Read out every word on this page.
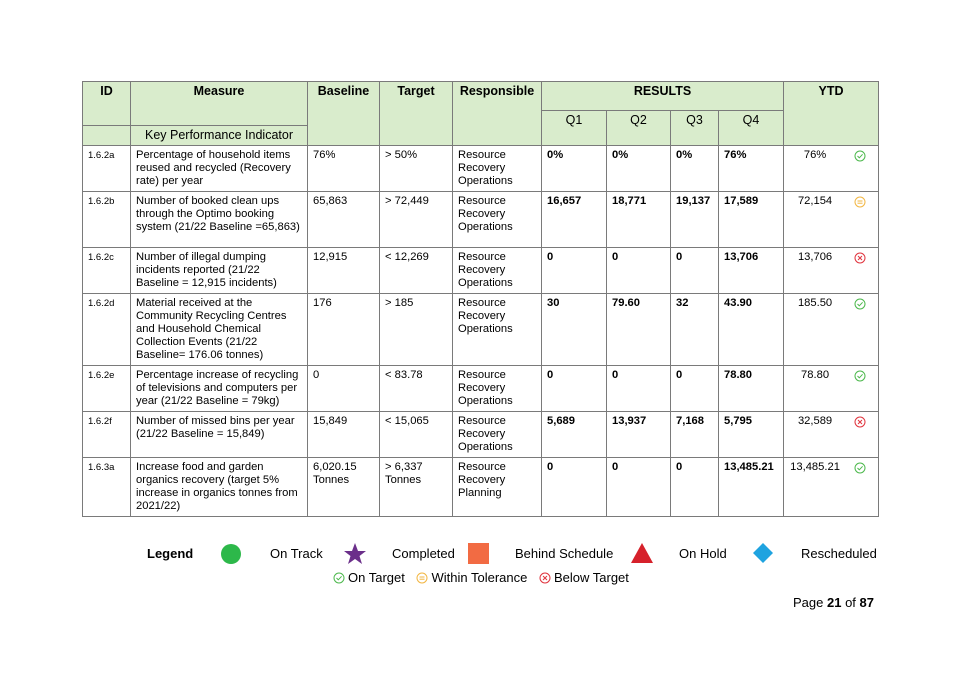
ID	Measure	Baseline	Target	Responsible	RESULTS				YTD
					Q1	Q2	Q3	Q4	
	Key Performance Indicator								
1.6.2a	Percentage of household items reused and recycled (Recovery rate) per year	76%	> 50%	Resource Recovery Operations	0%	0%	0%	76%	76%

1.6.2b	Number of booked clean ups through the Optimo booking system (21/22 Baseline =65,863)	65,863	> 72,449	Resource Recovery Operations	16,657	18,771	19,137	17,589	72,154

1.6.2c	Number of illegal dumping incidents reported (21/22 Baseline = 12,915 incidents)	12,915	< 12,269	Resource Recovery Operations	0	0	0	13,706	13,706

1.6.2d	Material received at the Community Recycling Centres and Household Chemical Collection Events (21/22 Baseline= 176.06 tonnes)	176	> 185	Resource Recovery Operations	30	79.60	32	43.90	185.50

1.6.2e	Percentage increase of recycling of televisions and computers per year (21/22 Baseline = 79kg)	0	< 83.78	Resource Recovery Operations	0	0	0	78.80	78.80

1.6.2f	Number of missed bins per year (21/22 Baseline = 15,849)	15,849	< 15,065	Resource Recovery Operations	5,689	13,937	7,168	5,795	32,589

1.6.3a	Increase food and garden organics recovery (target 5% increase in organics tonnes from 2021/22)	6,020.15 Tonnes	> 6,337 Tonnes	Resource Recovery Planning	0	0	0	13,485.21	13,485.21
Legend	On Track	Completed	Behind Schedule	On Hold	Rescheduled
On Target
Within Tolerance
Below Target
Page 21 of 87
